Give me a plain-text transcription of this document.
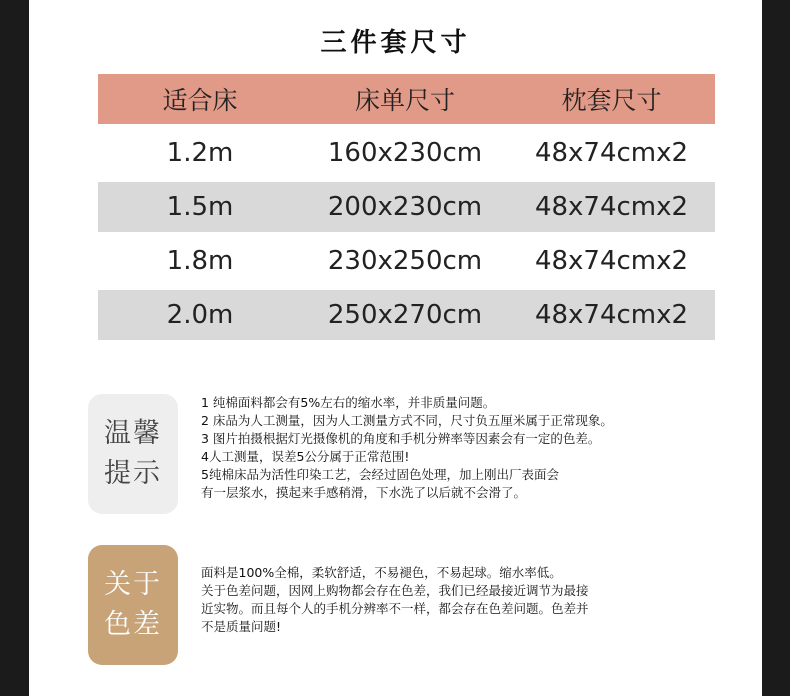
三件套尺寸
适合床	床单尺寸	枕套尺寸
1.2m	160x230cm	48x74cmx2
1.5m	200x230cm	48x74cmx2
1.8m	230x250cm	48x74cmx2
2.0m	250x270cm	48x74cmx2
温馨
提示
1 纯棉面料都会有5%左右的缩水率，并非质量问题。
2 床品为人工测量，因为人工测量方式不同，尺寸负五厘米属于正常现象。
3 图片拍摄根据灯光摄像机的角度和手机分辨率等因素会有一定的色差。
4人工测量，误差5公分属于正常范围!
5纯棉床品为活性印染工艺，会经过固色处理，加上刚出厂表面会
有一层浆水，摸起来手感稍滑，下水洗了以后就不会滑了。
关于
色差
面料是100%全棉，柔软舒适，不易褪色，不易起球。缩水率低。
关于色差问题，因网上购物都会存在色差，我们已经最接近调节为最接
近实物。而且每个人的手机分辨率不一样，都会存在色差问题。色差并
不是质量问题!
